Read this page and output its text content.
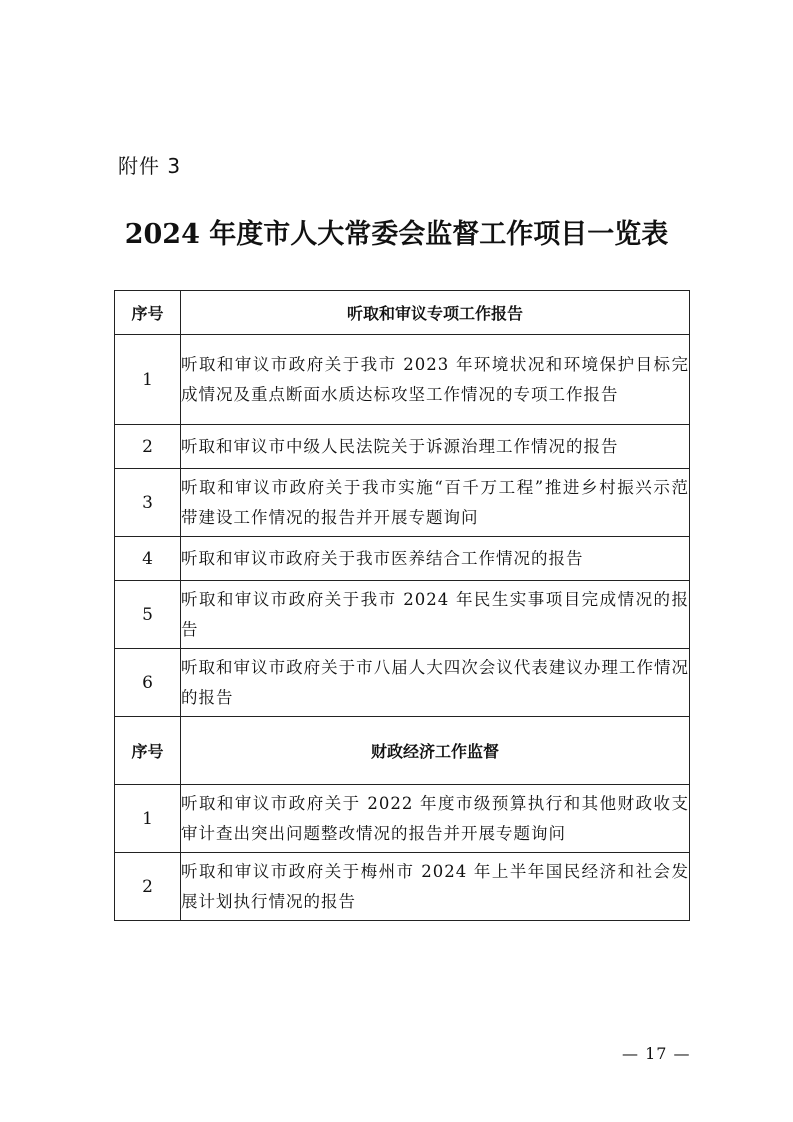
附件 3
2024 年度市人大常委会监督工作项目一览表
序号	听取和审议专项工作报告
1	听取和审议市政府关于我市 2023 年环境状况和环境保护目标完成情况及重点断面水质达标攻坚工作情况的专项工作报告
2	听取和审议市中级人民法院关于诉源治理工作情况的报告
3	听取和审议市政府关于我市实施“百千万工程”推进乡村振兴示范带建设工作情况的报告并开展专题询问
4	听取和审议市政府关于我市医养结合工作情况的报告
5	听取和审议市政府关于我市 2024 年民生实事项目完成情况的报告
6	听取和审议市政府关于市八届人大四次会议代表建议办理工作情况的报告
序号	财政经济工作监督
1	听取和审议市政府关于 2022 年度市级预算执行和其他财政收支审计查出突出问题整改情况的报告并开展专题询问
2	听取和审议市政府关于梅州市 2024 年上半年国民经济和社会发展计划执行情况的报告
— 17 —
